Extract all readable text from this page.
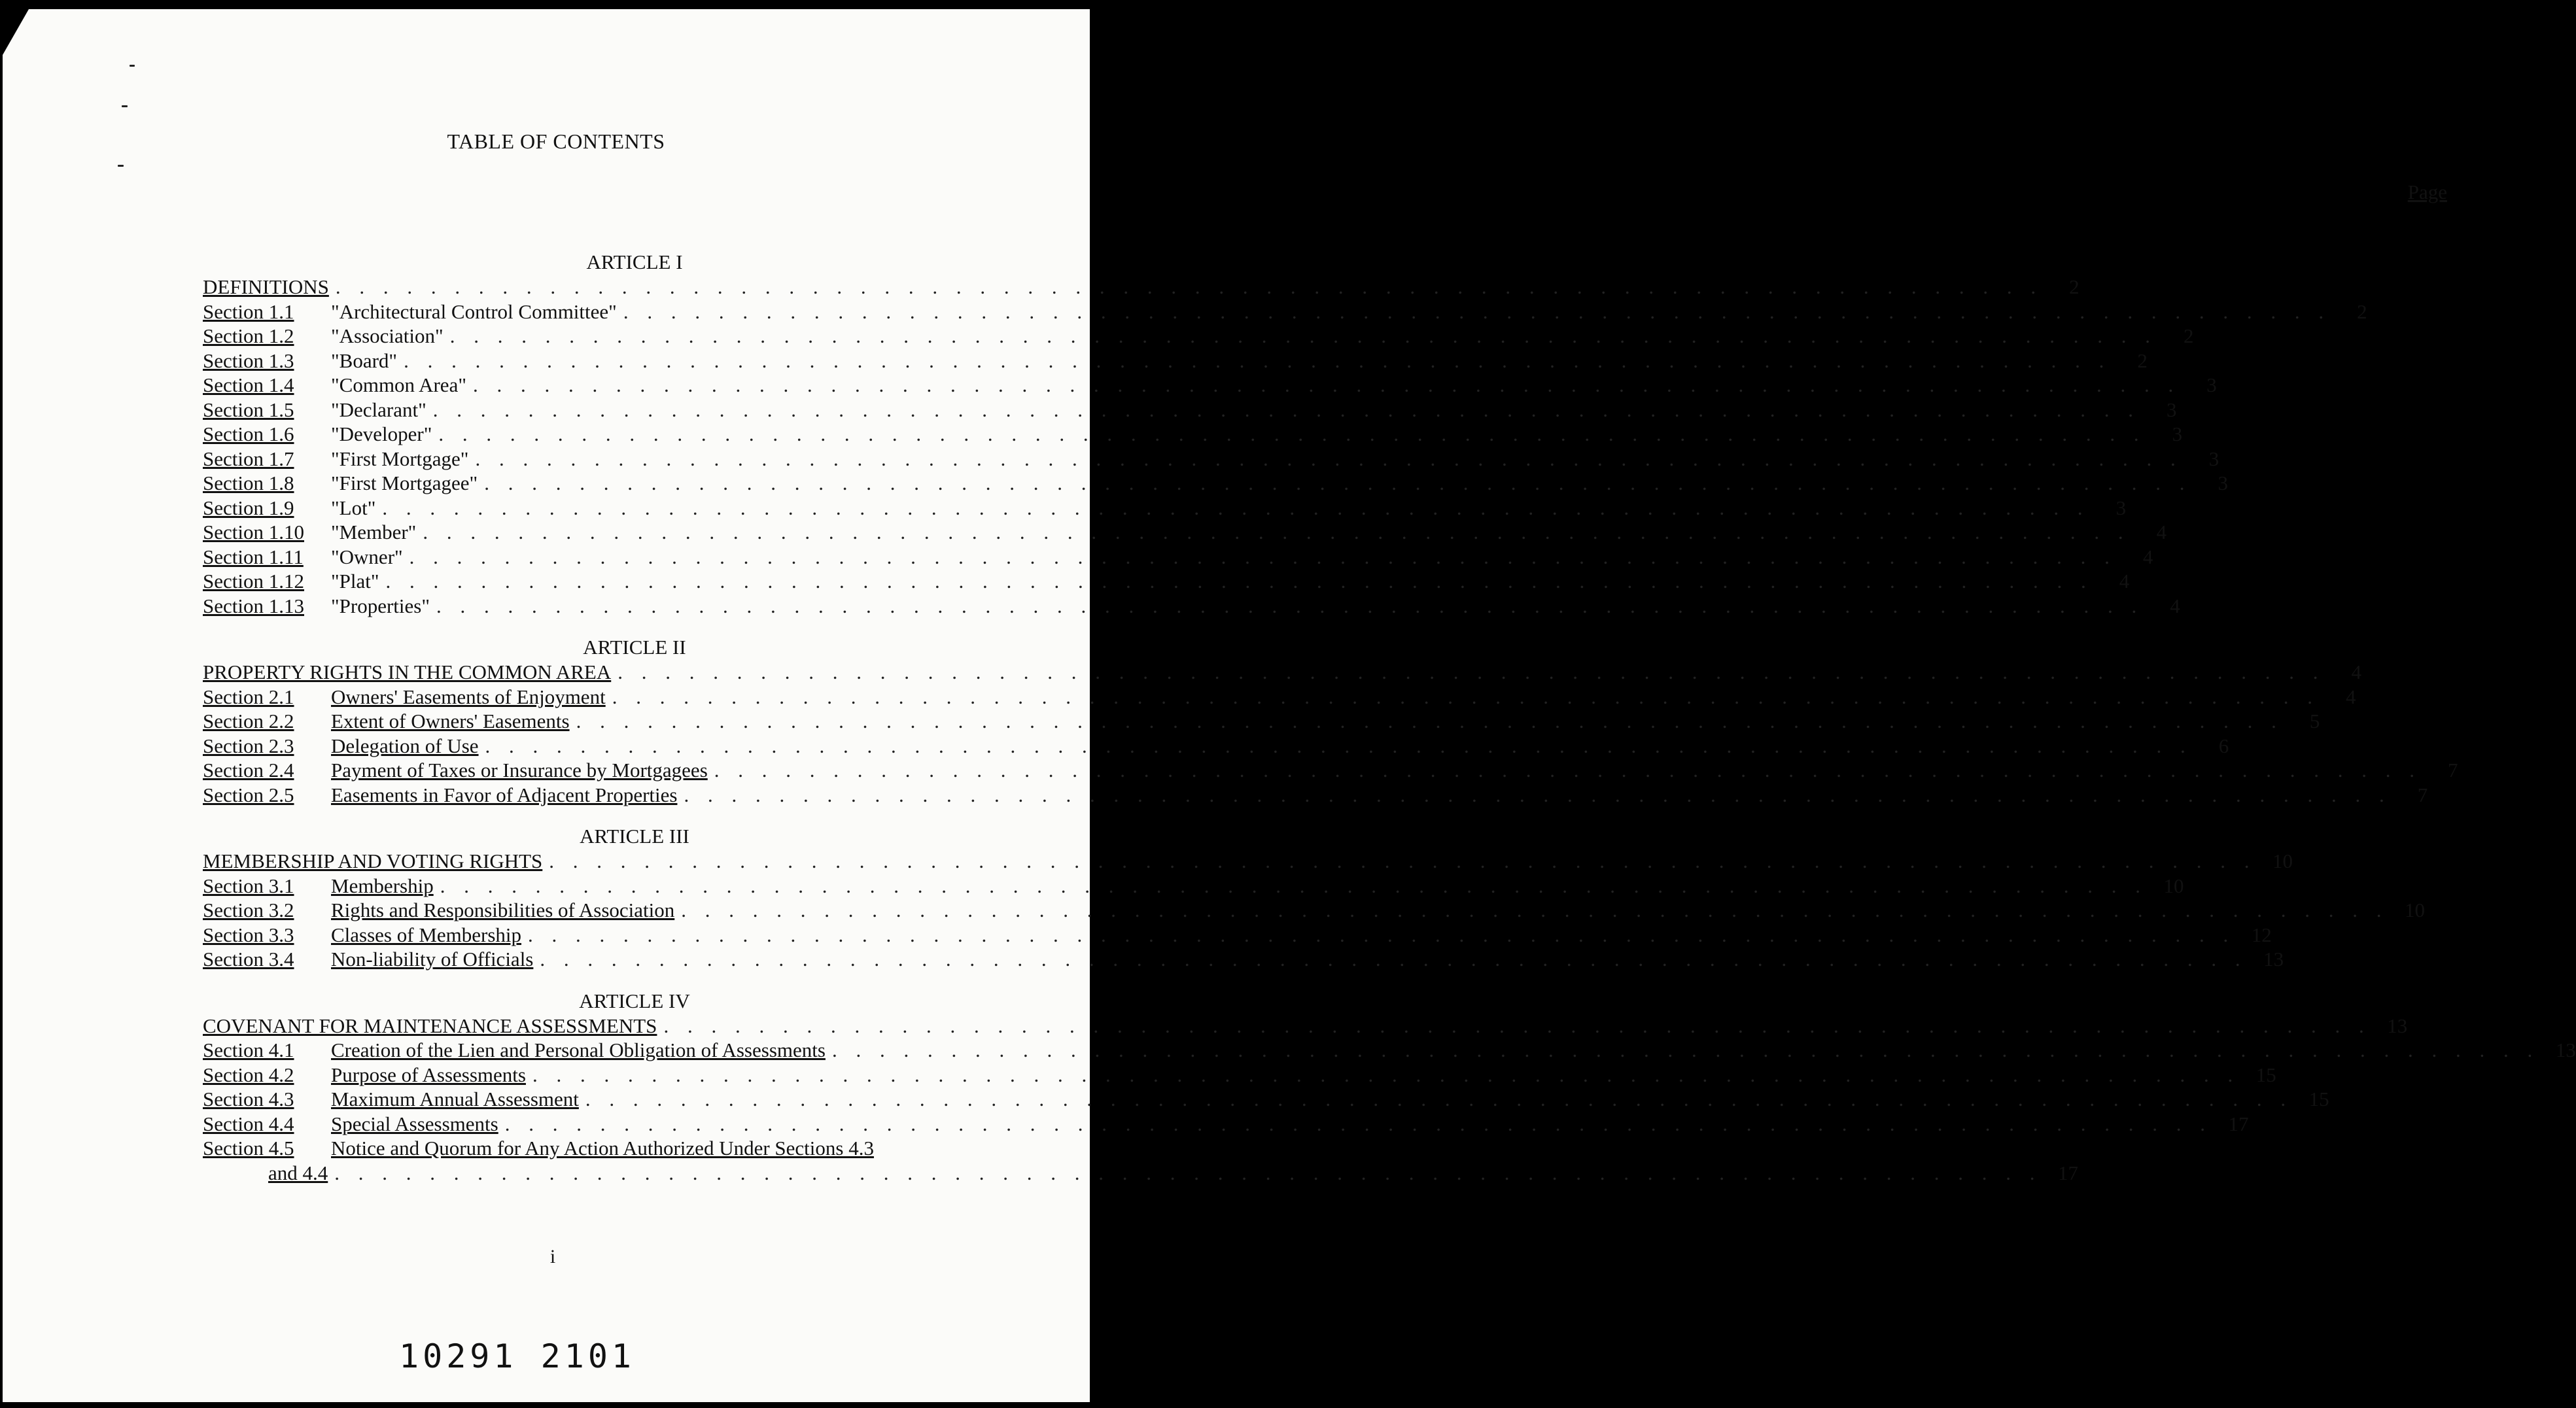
TABLE OF CONTENTS
Page
ARTICLE I
DEFINITIONS . . .	2
Section 1.1	"Architectural Control Committee" . . .	2
Section 1.2	"Association" . . .	2
Section 1.3	"Board" . . .	2
Section 1.4	"Common Area" . . .	3
Section 1.5	"Declarant" . . .	3
Section 1.6	"Developer" . . .	3
Section 1.7	"First Mortgage" . . .	3
Section 1.8	"First Mortgagee" . . .	3
Section 1.9	"Lot" . . .	3
Section 1.10	"Member" . . .	4
Section 1.11	"Owner" . . .	4
Section 1.12	"Plat" . . .	4
Section 1.13	"Properties" . . .	4
ARTICLE II
PROPERTY RIGHTS IN THE COMMON AREA . . .	4
Section 2.1	Owners' Easements of Enjoyment . . .	4
Section 2.2	Extent of Owners' Easements . . .	5
Section 2.3	Delegation of Use . . .	6
Section 2.4	Payment of Taxes or Insurance by Mortgagees . . .	7
Section 2.5	Easements in Favor of Adjacent Properties . . .	7
ARTICLE III
MEMBERSHIP AND VOTING RIGHTS . . .	10
Section 3.1	Membership . . .	10
Section 3.2	Rights and Responsibilities of Association . . .	10
Section 3.3	Classes of Membership . . .	12
Section 3.4	Non-liability of Officials . . .	13
ARTICLE IV
COVENANT FOR MAINTENANCE ASSESSMENTS . . .	13
Section 4.1	Creation of the Lien and Personal Obligation of Assessments . . .	13
Section 4.2	Purpose of Assessments . . .	15
Section 4.3	Maximum Annual Assessment . . .	15
Section 4.4	Special Assessments . . .	17
Section 4.5	Notice and Quorum for Any Action Authorized Under Sections 4.3
and 4.4 . . .	17
i
10291 2101
